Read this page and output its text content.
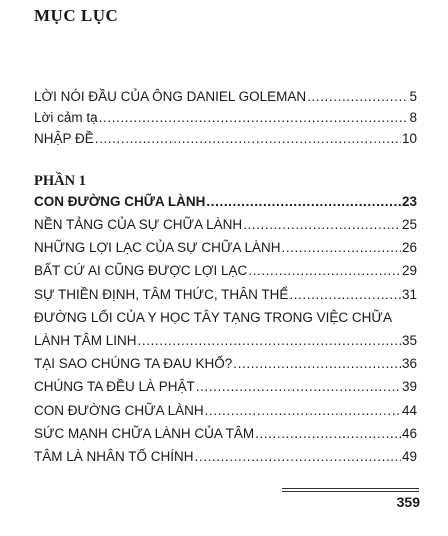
MỤC LỤC
LỜI NÓI ĐẦU CỦA ÔNG DANIEL GOLEMAN .....	5
Lời cảm tạ .....	8
NHẬP ĐỀ .....	10
PHẦN 1
CON ĐƯỜNG CHỮA LÀNH .....	23
NỀN TẢNG CỦA SỰ CHỮA LÀNH .....	25
NHỮNG LỢI LẠC CỦA SỰ CHỮA LÀNH .....	26
BẤT CỨ AI CŨNG ĐƯỢC LỢI LẠC .....	29
SỰ THIỀN ĐỊNH, TÂM THỨC, THÂN THỂ .....	31
ĐƯỜNG LỐI CỦA Y HỌC TÂY TẠNG TRONG VIỆC CHỮA
LÀNH TÂM LINH .....	35
TẠI SAO CHÚNG TA ĐAU KHỔ? .....	36
CHÚNG TA ĐỀU LÀ PHẬT .....	39
CON ĐƯỜNG CHỮA LÀNH .....	44
SỨC MẠNH CHỮA LÀNH CỦA TÂM .....	46
TÂM LÀ NHÂN TỐ CHÍNH .....	49
359
